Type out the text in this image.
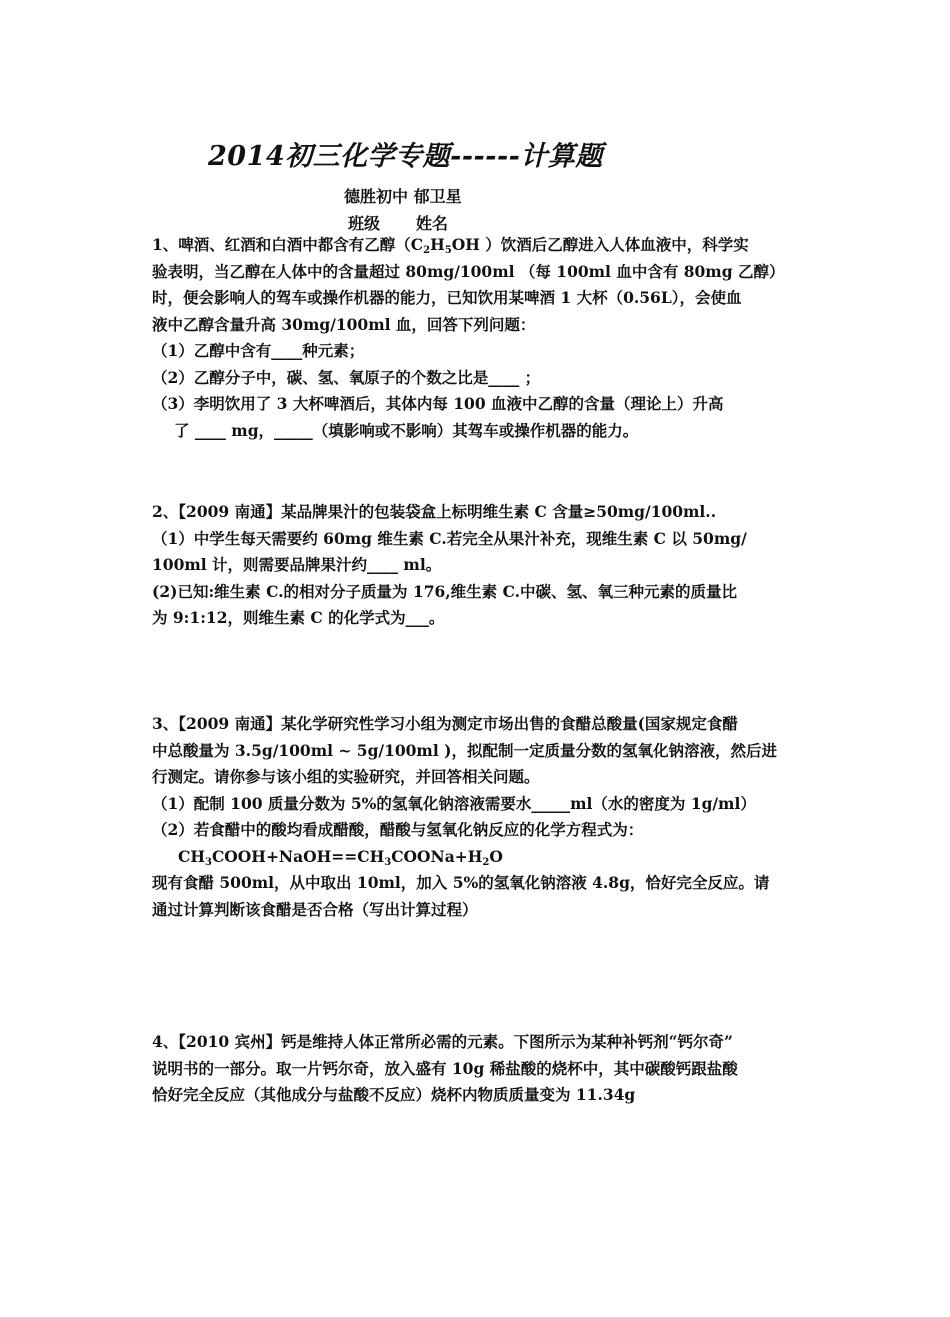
2014初三化学专题------计算题
德胜初中 郁卫星
班级 姓名
1、啤酒、红酒和白酒中都含有乙醇（$C_2H_5OH$ ）饮酒后乙醇进入人体血液中，科学实
验表明，当乙醇在人体中的含量超过 80mg/100ml （每 100ml 血中含有 80mg 乙醇）
时，便会影响人的驾车或操作机器的能力，已知饮用某啤酒 1 大杯（0.56L），会使血
液中乙醇含量升高 30mg/100ml 血，回答下列问题：
（1）乙醇中含有____种元素；
（2）乙醇分子中，碳、氢、氧原子的个数之比是____ ；
（3）李明饮用了 3 大杯啤酒后，其体内每 100 血液中乙醇的含量（理论上）升高
了 ____ mg，_____（填影响或不影响）其驾车或操作机器的能力。
2、【2009 南通】某品牌果汁的包装袋盒上标明维生素 C 含量≥50mg/100ml..
（1）中学生每天需要约 60mg 维生素 C.若完全从果汁补充，现维生素 C 以 50mg/
100ml 计，则需要品牌果汁约____ ml。
(2)已知:维生素 C.的相对分子质量为 176,维生素 C.中碳、氢、氧三种元素的质量比
为 9:1:12，则维生素 C 的化学式为___。
3、【2009 南通】某化学研究性学习小组为测定市场出售的食醋总酸量(国家规定食醋
中总酸量为 3.5g/100ml ~ 5g/100ml )，拟配制一定质量分数的氢氧化钠溶液，然后进
行测定。请你参与该小组的实验研究，并回答相关问题。
（1）配制 100 质量分数为 5%的氢氧化钠溶液需要水_____ml（水的密度为 1g/ml）
（2）若食醋中的酸均看成醋酸，醋酸与氢氧化钠反应的化学方程式为：
$CH_3COOH+NaOH==CH_3COONa+H_2O$
现有食醋 500ml，从中取出 10ml，加入 5%的氢氧化钠溶液 4.8g，恰好完全反应。请
通过计算判断该食醋是否合格（写出计算过程）
4、【2010 宾州】钙是维持人体正常所必需的元素。下图所示为某种补钙剂“钙尔奇”
说明书的一部分。取一片钙尔奇，放入盛有 10g 稀盐酸的烧杯中，其中碳酸钙跟盐酸
恰好完全反应（其他成分与盐酸不反应）烧杯内物质质量变为 11.34g
